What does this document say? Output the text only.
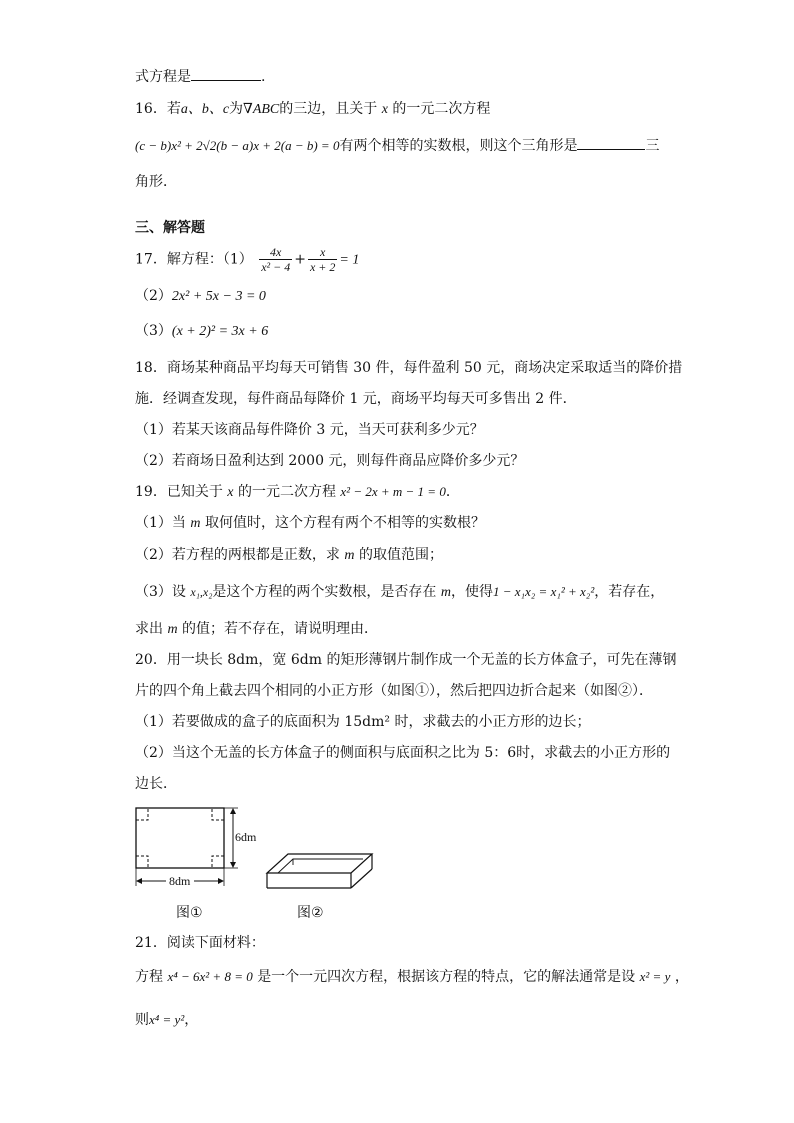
式方程是	.
16．若a、b、c为∇ABC的三边，且关于 x 的一元二次方程
(c − b)x² + 2√2(b − a)x + 2(a − b) = 0有两个相等的实数根，则这个三角形是	三
角形．
三、解答题
17．解方程：$(1) \frac{4x}{\text{x² − 4}} + \frac{x}{x + 2} = 1$
（2）2x² + 5x − 3 = 0
（3）(x + 2)² = 3x + 6
18．商场某种商品平均每天可销售 30 件，每件盈利 50 元，商场决定采取适当的降价措
施．经调查发现，每件商品每降价 1 元，商场平均每天可多售出 2 件．
（1）若某天该商品每件降价 3 元，当天可获利多少元？
（2）若商场日盈利达到 2000 元，则每件商品应降价多少元？
19．已知关于 x 的一元二次方程 x² − 2x + m − 1 = 0．
（1）当 m 取何值时，这个方程有两个不相等的实数根？
（2）若方程的两根都是正数，求 m 的取值范围；
（3）设 x₁,x₂是这个方程的两个实数根，是否存在 m，使得1 − x₁x₂ = x₁² + x₂²，若存在，
求出 m 的值；若不存在，请说明理由．
20．用一块长 8dm，宽 6dm 的矩形薄钢片制作成一个无盖的长方体盒子，可先在薄钢
片的四个角上截去四个相同的小正方形（如图①），然后把四边折合起来（如图②）．
（1）若要做成的盒子的底面积为 15dm² 时，求截去的小正方形的边长；
（2）当这个无盖的长方体盒子的侧面积与底面积之比为 5：6时，求截去的小正方形的
边长．
6dm
8dm
图①	图②
21．阅读下面材料：
方程 x⁴ − 6x² + 8 = 0 是一个一元四次方程，根据该方程的特点，它的解法通常是设 x² = y ，
则x⁴ = y²，
